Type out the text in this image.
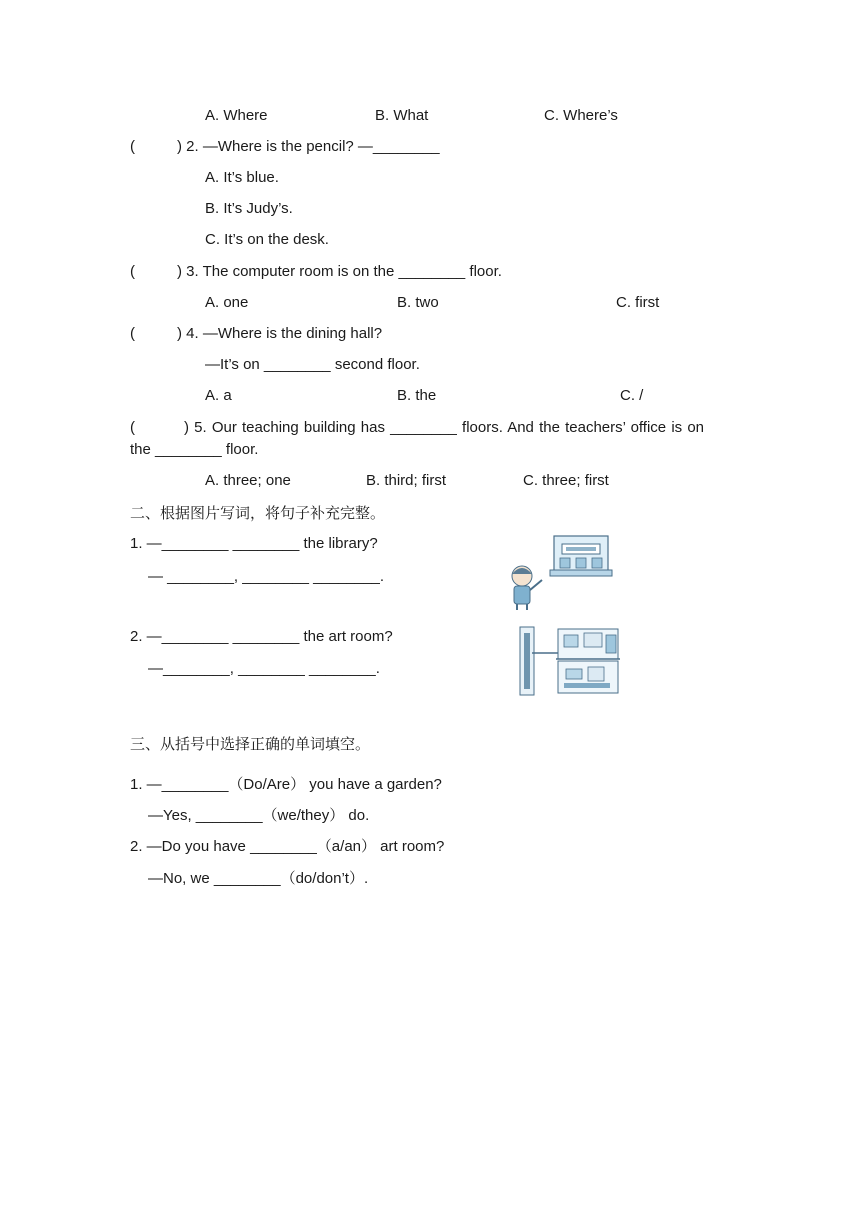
A. Where	B. What	C. Where’s
(	) 2. —Where is the pencil? —________
A. It’s blue.
B. It’s Judy’s.
C. It’s on the desk.
(	) 3. The computer room is on the ________ floor.
A. one	B. two	C. first
(	) 4. —Where is the dining hall?
—It’s on ________ second floor.
A. a	B. the	C. /
(	) 5. Our teaching building has ________ floors. And the teachers’ office is on
the ________ floor.
A. three; one	B. third; first	C. three; first
二、根据图片写词，将句子补充完整。
1. —________ ________ the library?
— ________, ________ ________.
2. —________ ________ the art room?
—________, ________ ________.
三、从括号中选择正确的单词填空。
1. —________（Do/Are） you have a garden?
—Yes, ________（we/they） do.
2. —Do you have ________（a/an） art room?
—No, we ________（do/don’t）.
